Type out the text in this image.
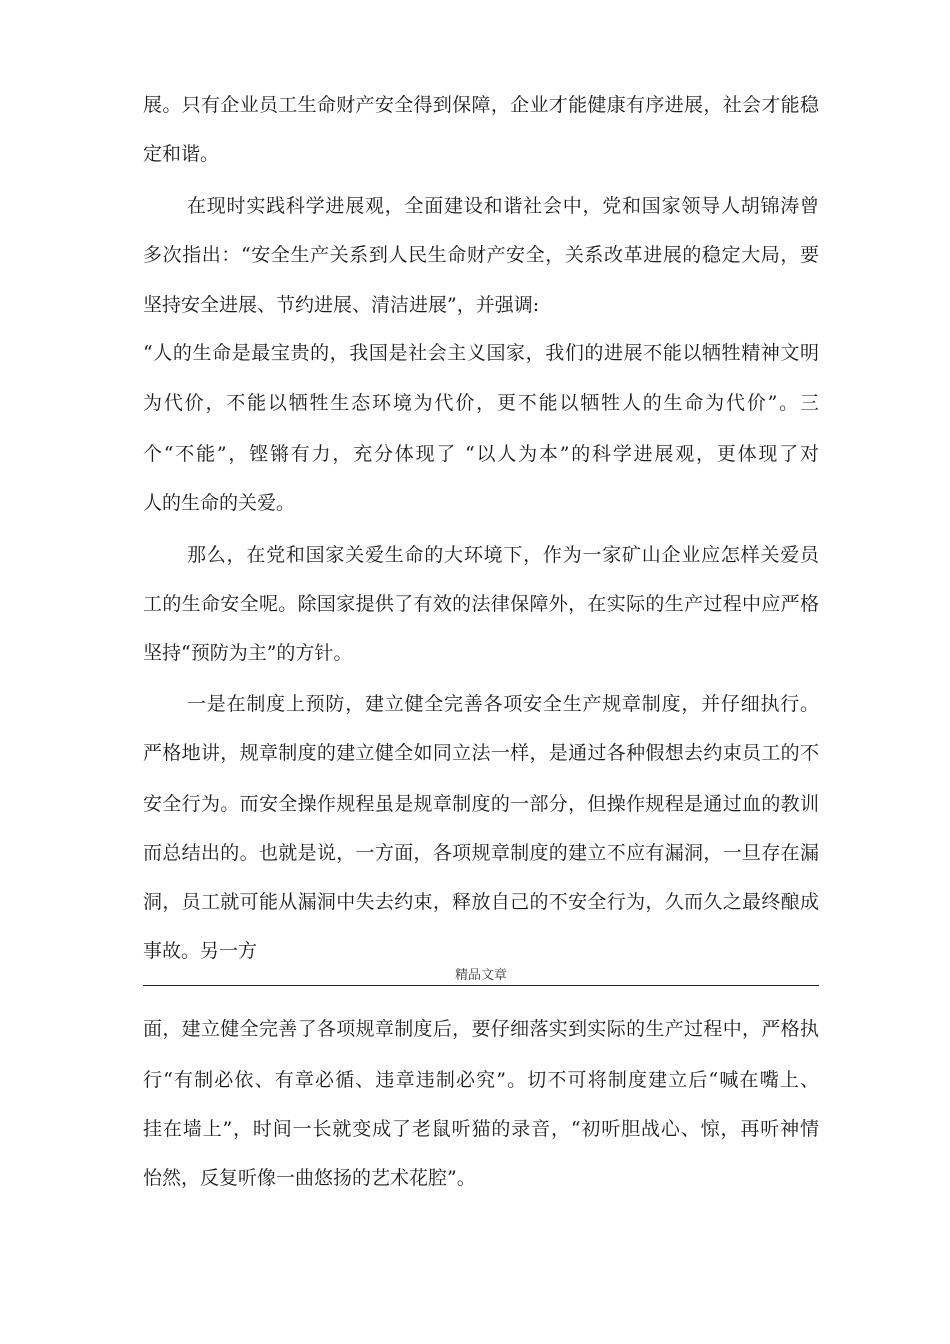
展。只有企业员工生命财产安全得到保障，企业才能健康有序进展，社会才能稳
定和谐。
在现时实践科学进展观，全面建设和谐社会中，党和国家领导人胡锦涛曾
多次指出：“安全生产关系到人民生命财产安全，关系改革进展的稳定大局，要
坚持安全进展、节约进展、清洁进展”，并强调:
“人的生命是最宝贵的，我国是社会主义国家，我们的进展不能以牺牲精神文明
为代价，不能以牺牲生态环境为代价，更不能以牺牲人的生命为代价”。三
个“不能”，铿锵有力，充分体现了 “以人为本”的科学进展观，更体现了对
人的生命的关爱。
那么，在党和国家关爱生命的大环境下，作为一家矿山企业应怎样关爱员
工的生命安全呢。除国家提供了有效的法律保障外，在实际的生产过程中应严格
坚持“预防为主”的方针。
一是在制度上预防，建立健全完善各项安全生产规章制度，并仔细执行。
严格地讲，规章制度的建立健全如同立法一样，是通过各种假想去约束员工的不
安全行为。而安全操作规程虽是规章制度的一部分，但操作规程是通过血的教训
而总结出的。也就是说，一方面，各项规章制度的建立不应有漏洞，一旦存在漏
洞，员工就可能从漏洞中失去约束，释放自己的不安全行为，久而久之最终酿成
事故。另一方
精品文章
面，建立健全完善了各项规章制度后，要仔细落实到实际的生产过程中，严格执
行“有制必依、有章必循、违章违制必究”。切不可将制度建立后“喊在嘴上、
挂在墙上”，时间一长就变成了老鼠听猫的录音，“初听胆战心、惊，再听神情
怡然，反复听像一曲悠扬的艺术花腔”。
